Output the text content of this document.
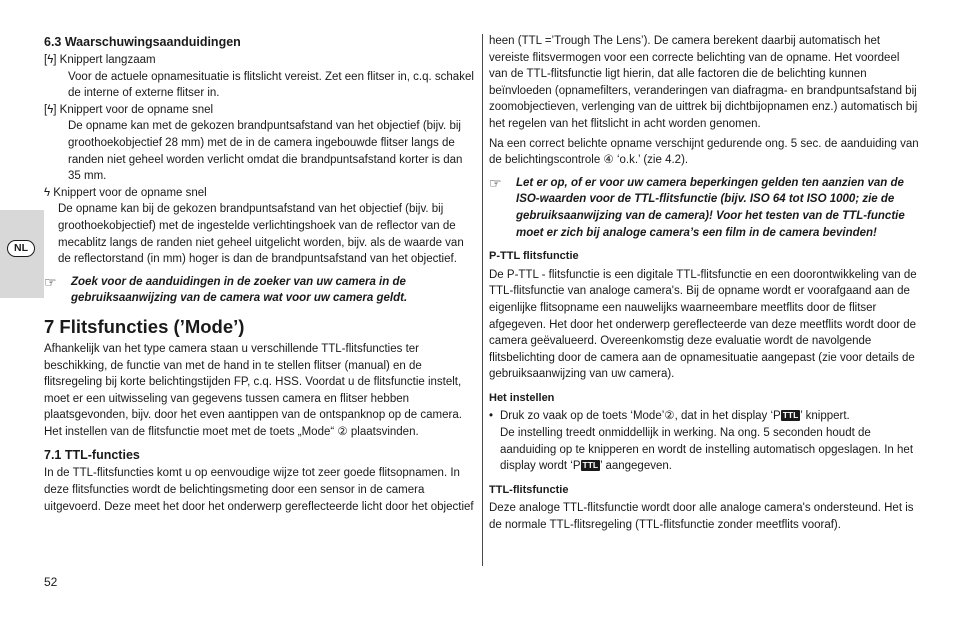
NL

6.3 Waarschuwingsaanduidingen

[ϟ] Knippert langzaam

Voor de actuele opnamesituatie is flitslicht vereist. Zet een flitser in, c.q. schakel de interne of externe flitser in.

[ϟ] Knippert voor de opname snel

De opname kan met de gekozen brandpuntsafstand van het objectief (bijv. bij groothoekobjectief 28 mm) met de in de camera ingebouwde flitser langs de randen niet geheel worden verlicht omdat die brandpuntsafstand korter is dan 35 mm.

ϟ Knippert voor de opname snel

De opname kan bij de gekozen brandpuntsafstand van het objectief (bijv. bij groothoekobjectief) met de ingestelde verlichtingshoek van de reflector van de mecablitz langs de randen niet geheel uitgelicht worden, bijv. als de waarde van de reflectorstand (in mm) hoger is dan de brandpuntsafstand van het objectief.

☞	Zoek voor de aanduidingen in de zoeker van uw camera in de gebruiksaanwijzing van de camera wat voor uw camera geldt.

7 Flitsfuncties (’Mode’)

Afhankelijk van het type camera staan u verschillende TTL-flitsfuncties ter beschikking, de functie van met de hand in te stellen flitser (manual) en de flitsregeling bij korte belichtingstijden FP, c.q. HSS. Voordat u de flitsfunctie instelt, moet er een uitwisseling van gegevens tussen camera en flitser hebben plaatsgevonden, bijv. door het even aantippen van de ontspanknop op de camera. Het instellen van de flitsfunctie moet met de toets „Mode“ ② plaatsvinden.

7.1 TTL-functies

In de TTL-flitsfuncties komt u op eenvoudige wijze tot zeer goede flitsopnamen. In deze flitsfuncties wordt de belichtingsmeting door een sensor in de camera uitgevoerd. Deze meet het door het onderwerp gereflecteerde licht door het objectief

heen (TTL =’Trough The Lens’). De camera berekent daarbij automatisch het vereiste flitsvermogen voor een correcte belichting van de opname. Het voordeel van de TTL-flitsfunctie ligt hierin, dat alle factoren die de belichting kunnen beïnvloeden (opnamefilters, veranderingen van diafragma- en brandpuntsafstand bij zoomobjectieven, verlenging van de uittrek bij dichtbijopnamen enz.) automatisch bij het regelen van het flitslicht in acht worden genomen.

Na een correct belichte opname verschijnt gedurende ong. 5 sec. de aanduiding van de belichtingscontrole ④ ‘o.k.’ (zie 4.2).

☞	Let er op, of er voor uw camera beperkingen gelden ten aanzien van de ISO-waarden voor de TTL-flitsfunctie (bijv. ISO 64 tot ISO 1000; zie de gebruiksaanwijzing van de camera)! Voor het testen van de TTL-functie moet er zich bij analoge camera’s een film in de camera bevinden!

P-TTL flitsfunctie

De P-TTL - flitsfunctie is een digitale TTL-flitsfunctie en een doorontwikkeling van de TTL-flitsfunctie van analoge camera's. Bij de opname wordt er voorafgaand aan de eigenlijke flitsopname een nauwelijks waarneembare meetflits door de flitser afgegeven. Het door het onderwerp gereflecteerde van deze meetflits wordt door de camera geëvalueerd. Overeenkomstig deze evaluatie wordt de navolgende flitsbelichting door de camera aan de opnamesituatie aangepast (zie voor details de gebruiksaanwijzing van uw camera).

Het instellen

• Druk zo vaak op de toets ‘Mode’②, dat in het display ‘P TTL ’ knippert.

De instelling treedt onmiddellijk in werking. Na ong. 5 seconden houdt de aanduiding op te knipperen en wordt de instelling automatisch opgeslagen. In het display wordt ‘P TTL ’ aangegeven.

TTL-flitsfunctie

Deze analoge TTL-flitsfunctie wordt door alle analoge camera's ondersteund. Het is de normale TTL-flitsregeling (TTL-flitsfunctie zonder meetflits vooraf).

52
